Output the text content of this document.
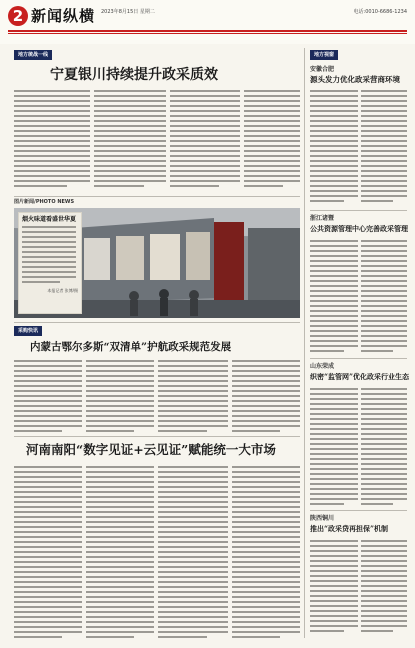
2 新闻纵横 2023年8月15日 星期二	电话:0010-6686-1234
地方统战一线
宁夏银川持续提升政采质效
图片新闻/PHOTO NEWS
烟火味道看盛世华夏
本报记者 张博/摄
采购快讯
内蒙古鄂尔多斯“双清单”护航政采规范发展
河南南阳“数字见证+云见证”赋能统一大市场
地方视窗
安徽合肥
源头发力优化政采营商环境
浙江诸暨
公共资源管理中心完善政采管理
山东荣成
织密“监管网”优化政采行业生态
陕西铜川
推出“政采贷再担保”机制
